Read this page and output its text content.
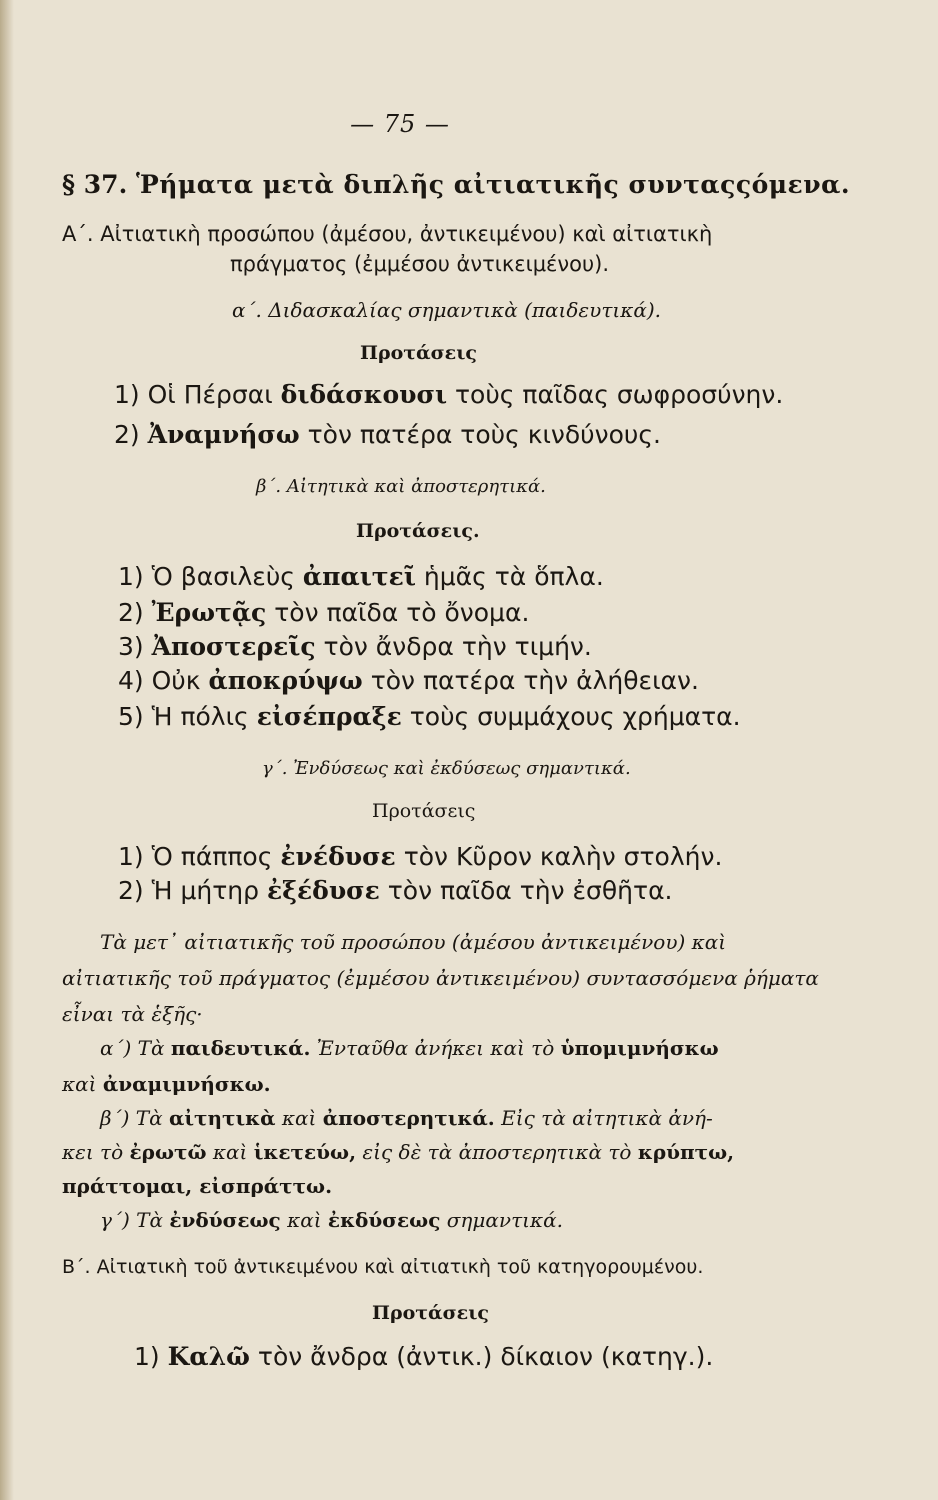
— 75 —
§ 37. Ῥήματα μετὰ διπλῆς αἰτιατικῆς συνταςςόμενα.
Α΄. Αἰτιατικὴ προσώπου (ἀμέσου, ἀντικειμένου) καὶ αἰτιατικὴ
πράγματος (ἐμμέσου ἀντικειμένου).
α΄. Διδασκαλίας σημαντικὰ (παιδευτικά).
Προτάσεις
1) Οἱ Πέρσαι διδάσκουσι τοὺς παῖδας σωφροσύνην.
2) Ἀναμνήσω τὸν πατέρα τοὺς κινδύνους.
β΄. Αἰτητικὰ καὶ ἀποστερητικά.
Προτάσεις.
1) Ὁ βασιλεὺς ἀπαιτεῖ ἡμᾶς τὰ ὅπλα.
2) Ἐρωτᾷς τὸν παῖδα τὸ ὄνομα.
3) Ἀποστερεῖς τὸν ἄνδρα τὴν τιμήν.
4) Οὐκ ἀποκρύψω τὸν πατέρα τὴν ἀλήθειαν.
5) Ἡ πόλις εἰσέπραξε τοὺς συμμάχους χρήματα.
γ΄. Ἐνδύσεως καὶ ἐκδύσεως σημαντικά.
Προτάσεις
1) Ὁ πάππος ἐνέδυσε τὸν Κῦρον καλὴν στολήν.
2) Ἡ μήτηρ ἐξέδυσε τὸν παῖδα τὴν ἐσθῆτα.
Τὰ μετ᾽ αἰτιατικῆς τοῦ προσώπου (ἀμέσου ἀντικειμένου) καὶ
αἰτιατικῆς τοῦ πράγματος (ἐμμέσου ἀντικειμένου) συντασσόμενα ῥήματα
εἶναι τὰ ἑξῆς·
α΄) Τὰ παιδευτικά. Ἐνταῦθα ἀνήκει καὶ τὸ ὑπομιμνήσκω
καὶ ἀναμιμνήσκω.
β΄) Τὰ αἰτητικὰ καὶ ἀποστερητικά. Εἰς τὰ αἰτητικὰ ἀνή-
κει τὸ ἐρωτῶ καὶ ἱκετεύω, εἰς δὲ τὰ ἀποστερητικὰ τὸ κρύπτω,
πράττομαι, εἰσπράττω.
γ΄) Τὰ ἐνδύσεως καὶ ἐκδύσεως σημαντικά.
Β΄. Αἰτιατικὴ τοῦ ἀντικειμένου καὶ αἰτιατικὴ τοῦ κατηγορουμένου.
Προτάσεις
1) Καλῶ τὸν ἄνδρα (ἀντικ.) δίκαιον (κατηγ.).
